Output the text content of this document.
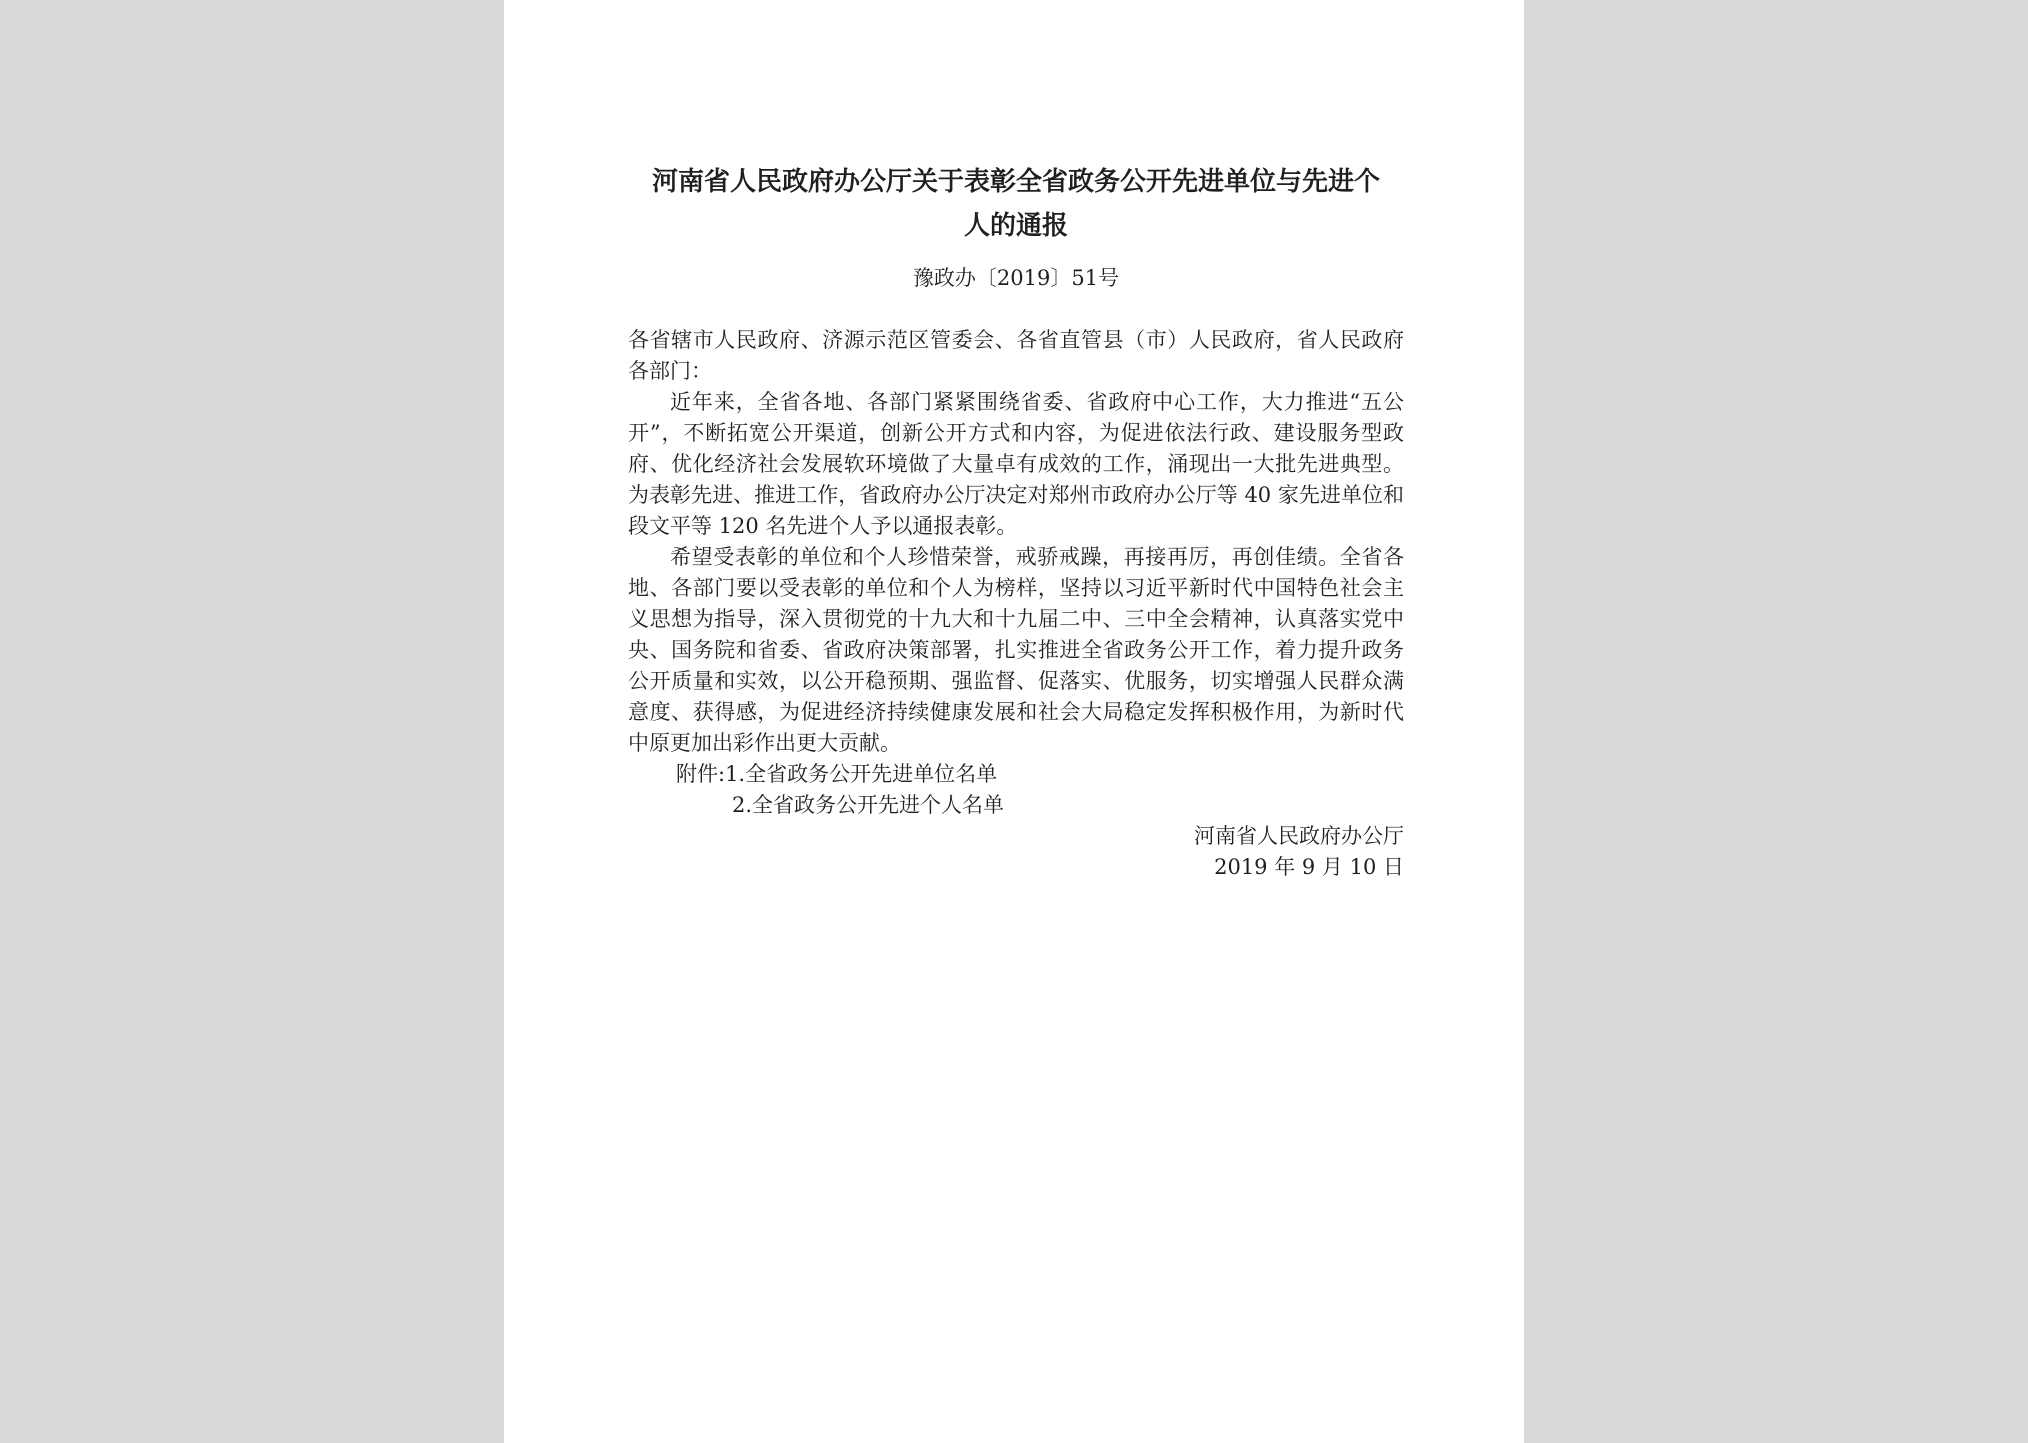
河南省人民政府办公厅关于表彰全省政务公开先进单位与先进个
人的通报
豫政办〔2019〕51号

各省辖市人民政府、济源示范区管委会、各省直管县（市）人民政府，省人民政府各部门：

近年来，全省各地、各部门紧紧围绕省委、省政府中心工作，大力推进“五公开”，不断拓宽公开渠道，创新公开方式和内容，为促进依法行政、建设服务型政府、优化经济社会发展软环境做了大量卓有成效的工作，涌现出一大批先进典型。为表彰先进、推进工作，省政府办公厅决定对郑州市政府办公厅等 40 家先进单位和段文平等 120 名先进个人予以通报表彰。

希望受表彰的单位和个人珍惜荣誉，戒骄戒躁，再接再厉，再创佳绩。全省各地、各部门要以受表彰的单位和个人为榜样，坚持以习近平新时代中国特色社会主义思想为指导，深入贯彻党的十九大和十九届二中、三中全会精神，认真落实党中央、国务院和省委、省政府决策部署，扎实推进全省政务公开工作，着力提升政务公开质量和实效，以公开稳预期、强监督、促落实、优服务，切实增强人民群众满意度、获得感，为促进经济持续健康发展和社会大局稳定发挥积极作用，为新时代中原更加出彩作出更大贡献。

附件:1.全省政务公开先进单位名单
2.全省政务公开先进个人名单
河南省人民政府办公厅
2019 年 9 月 10 日
